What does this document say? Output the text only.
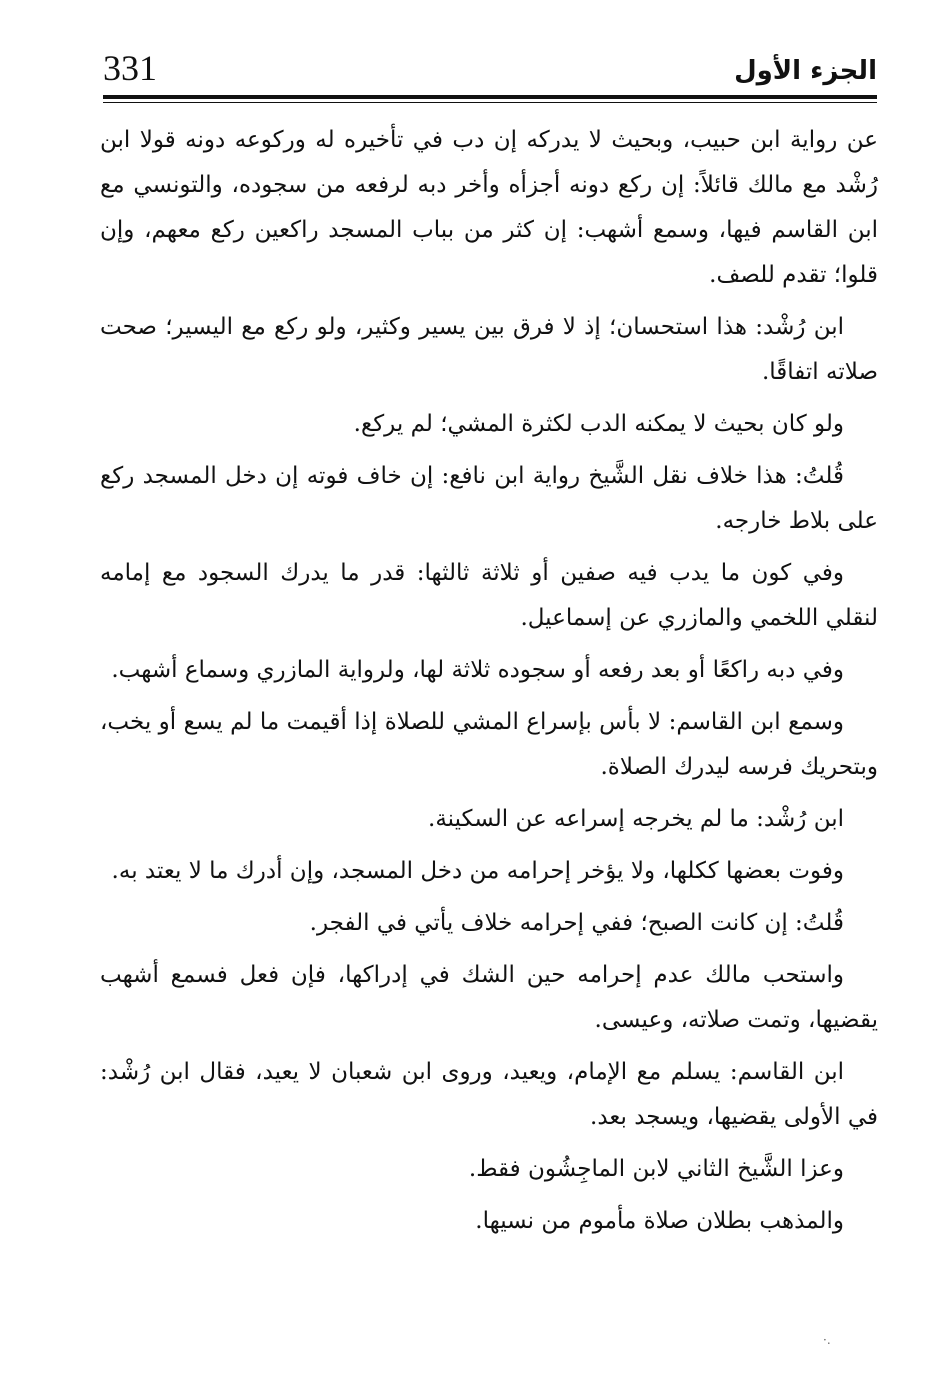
331	الجزء الأول

عن رواية ابن حبيب، وبحيث لا يدركه إن دب في تأخيره له وركوعه دونه قولا ابن رُشْد مع مالك قائلاً: إن ركع دونه أجزأه وأخر دبه لرفعه من سجوده، والتونسي مع ابن القاسم فيها، وسمع أشهب: إن كثر من بباب المسجد راكعين ركع معهم، وإن قلوا؛ تقدم للصف.

ابن رُشْد: هذا استحسان؛ إذ لا فرق بين يسير وكثير، ولو ركع مع اليسير؛ صحت صلاته اتفاقًا.

ولو كان بحيث لا يمكنه الدب لكثرة المشي؛ لم يركع.

قُلتُ: هذا خلاف نقل الشَّيخ رواية ابن نافع: إن خاف فوته إن دخل المسجد ركع على بلاط خارجه.

وفي كون ما يدب فيه صفين أو ثلاثة ثالثها: قدر ما يدرك السجود مع إمامه لنقلي اللخمي والمازري عن إسماعيل.

وفي دبه راكعًا أو بعد رفعه أو سجوده ثلاثة لها، ولرواية المازري وسماع أشهب.

وسمع ابن القاسم: لا بأس بإسراع المشي للصلاة إذا أقيمت ما لم يسع أو يخب، وبتحريك فرسه ليدرك الصلاة.

ابن رُشْد: ما لم يخرجه إسراعه عن السكينة.

وفوت بعضها ككلها، ولا يؤخر إحرامه من دخل المسجد، وإن أدرك ما لا يعتد به.

قُلتُ: إن كانت الصبح؛ ففي إحرامه خلاف يأتي في الفجر.

واستحب مالك عدم إحرامه حين الشك في إدراكها، فإن فعل فسمع أشهب يقضيها، وتمت صلاته، وعيسى.

ابن القاسم: يسلم مع الإمام، ويعيد، وروى ابن شعبان لا يعيد، فقال ابن رُشْد: في الأولى يقضيها، ويسجد بعد.

وعزا الشَّيخ الثاني لابن الماجِشُون فقط.

والمذهب بطلان صلاة مأموم من نسيها.

·.
